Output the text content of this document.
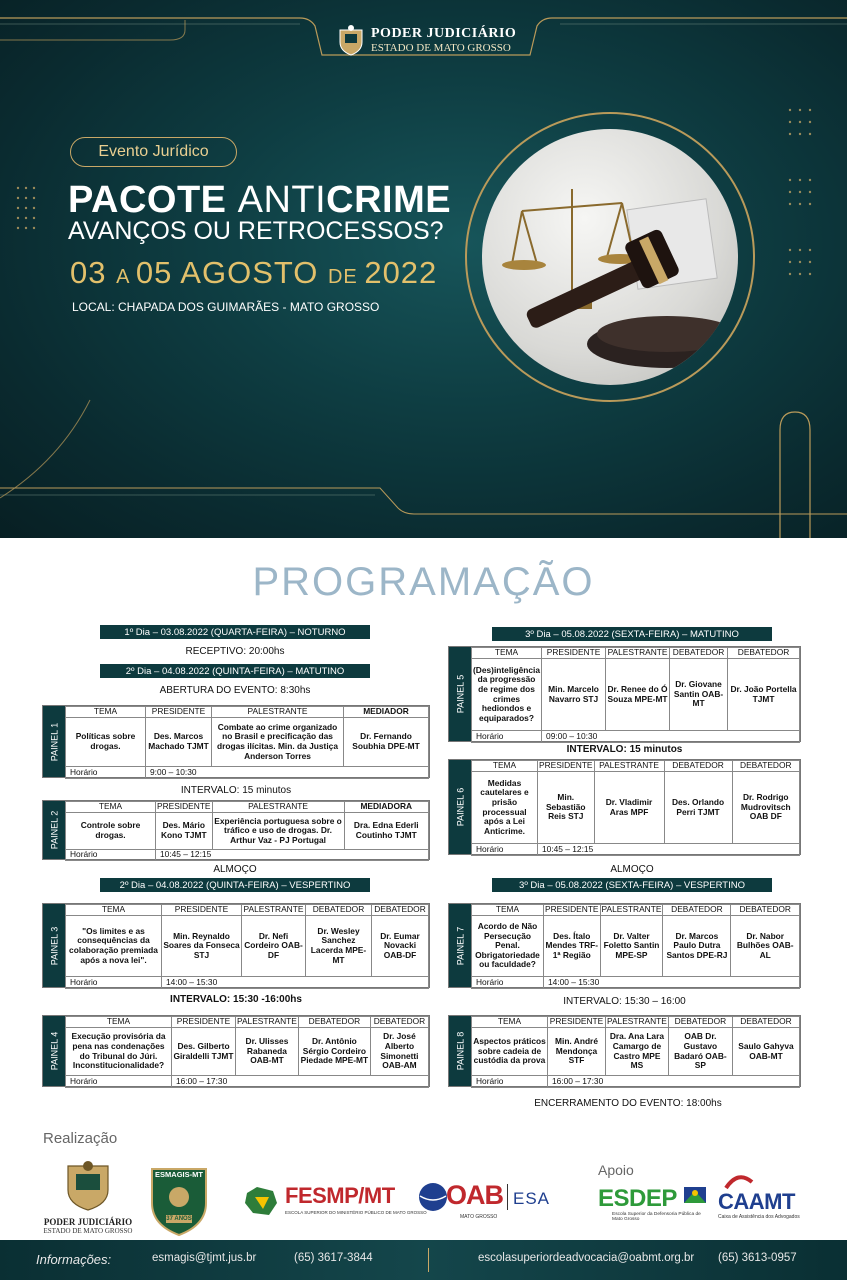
PODER JUDICIÁRIO
ESTADO DE MATO GROSSO
Evento Jurídico
PACOTE ANTICRIME
AVANÇOS OU RETROCESSOS?
03 A 05 AGOSTO DE 2022
LOCAL: CHAPADA DOS GUIMARÃES - MATO GROSSO
PROGRAMAÇÃO
1º Dia – 03.08.2022 (QUARTA-FEIRA) – NOTURNO
RECEPTIVO: 20:00hs
2º Dia – 04.08.2022 (QUINTA-FEIRA) – MATUTINO
ABERTURA DO EVENTO: 8:30hs
PAINEL 1
TEMA	PRESIDENTE	PALESTRANTE	MEDIADOR
Políticas sobre drogas.	Des. Marcos Machado TJMT	Combate ao crime organizado no Brasil e precificação das drogas ilícitas. Min. da Justiça Anderson Torres	Dr. Fernando Soubhia DPE-MT
Horário	9:00 – 10:30		
INTERVALO: 15 minutos
PAINEL 2
TEMA	PRESIDENTE	PALESTRANTE	MEDIADORA
Controle sobre drogas.	Des. Mário Kono TJMT	Experiência portuguesa sobre o tráfico e uso de drogas. Dr. Arthur Vaz - PJ Portugal	Dra. Edna Ederli Coutinho TJMT
Horário	10:45 – 12:15		
ALMOÇO
2º Dia – 04.08.2022 (QUINTA-FEIRA) – VESPERTINO
PAINEL 3
TEMA	PRESIDENTE	PALESTRANTE	DEBATEDOR	DEBATEDOR
"Os limites e as consequências da colaboração premiada após a nova lei".	Min. Reynaldo Soares da Fonseca STJ	Dr. Nefi Cordeiro OAB-DF	Dr. Wesley Sanchez Lacerda MPE-MT	Dr. Eumar Novacki OAB-DF
Horário	14:00 – 15:30			
INTERVALO: 15:30 -16:00hs
PAINEL 4
TEMA	PRESIDENTE	PALESTRANTE	DEBATEDOR	DEBATEDOR
Execução provisória da pena nas condenações do Tribunal do Júri. Inconstitucionalidade?	Des. Gilberto Giraldelli TJMT	Dr. Ulisses Rabaneda OAB-MT	Dr. Antônio Sérgio Cordeiro Piedade MPE-MT	Dr. José Alberto Simonetti OAB-AM
Horário	16:00 – 17:30			
3º Dia – 05.08.2022 (SEXTA-FEIRA) – MATUTINO
PAINEL 5
TEMA	PRESIDENTE	PALESTRANTE	DEBATEDOR	DEBATEDOR
(Des)inteligência da progressão de regime dos crimes hediondos e equiparados?	Min. Marcelo Navarro STJ	Dr. Renee do Ó Souza MPE-MT	Dr. Giovane Santin OAB-MT	Dr. João Portella TJMT
Horário	09:00 – 10:30			
INTERVALO: 15 minutos
PAINEL 6
TEMA	PRESIDENTE	PALESTRANTE	DEBATEDOR	DEBATEDOR
Medidas cautelares e prisão processual após a Lei Anticrime.	Min. Sebastião Reis STJ	Dr. Vladimir Aras MPF	Des. Orlando Perri TJMT	Dr. Rodrigo Mudrovitsch OAB DF
Horário	10:45 – 12:15			
ALMOÇO
3º Dia – 05.08.2022 (SEXTA-FEIRA) – VESPERTINO
PAINEL 7
TEMA	PRESIDENTE	PALESTRANTE	DEBATEDOR	DEBATEDOR
Acordo de Não Persecução Penal. Obrigatoriedade ou faculdade?	Des. Ítalo Mendes TRF-1ª Região	Dr. Valter Foletto Santin MPE-SP	Dr. Marcos Paulo Dutra Santos DPE-RJ	Dr. Nabor Bulhões OAB-AL
Horário	14:00 – 15:30			
INTERVALO: 15:30 – 16:00
PAINEL 8
TEMA	PRESIDENTE	PALESTRANTE	DEBATEDOR	DEBATEDOR
Aspectos práticos sobre cadeia de custódia da prova	Min. André Mendonça STF	Dra. Ana Lara Camargo de Castro MPE MS	OAB Dr. Gustavo Badaró OAB-SP	Saulo Gahyva OAB-MT
Horário	16:00 – 17:30			
ENCERRAMENTO DO EVENTO: 18:00hs
Realização
Apoio
PODER JUDICIÁRIO
ESTADO DE MATO GROSSO
ESMAGIS-MT
37 ANOS
FESMP/MT
ESCOLA SUPERIOR DO MINISTÉRIO PÚBLICO DE MATO GROSSO
OAB
MATO GROSSO
ESA ESDEP
Escola Superior da Defensoria Pública de Mato Grosso
CAAMT
Caixa de Assistência dos Advogados
Informações:	esmagis@tjmt.jus.br	(65) 3617-3844	escolasuperiordeadvocacia@oabmt.org.br (65) 3613-0957
